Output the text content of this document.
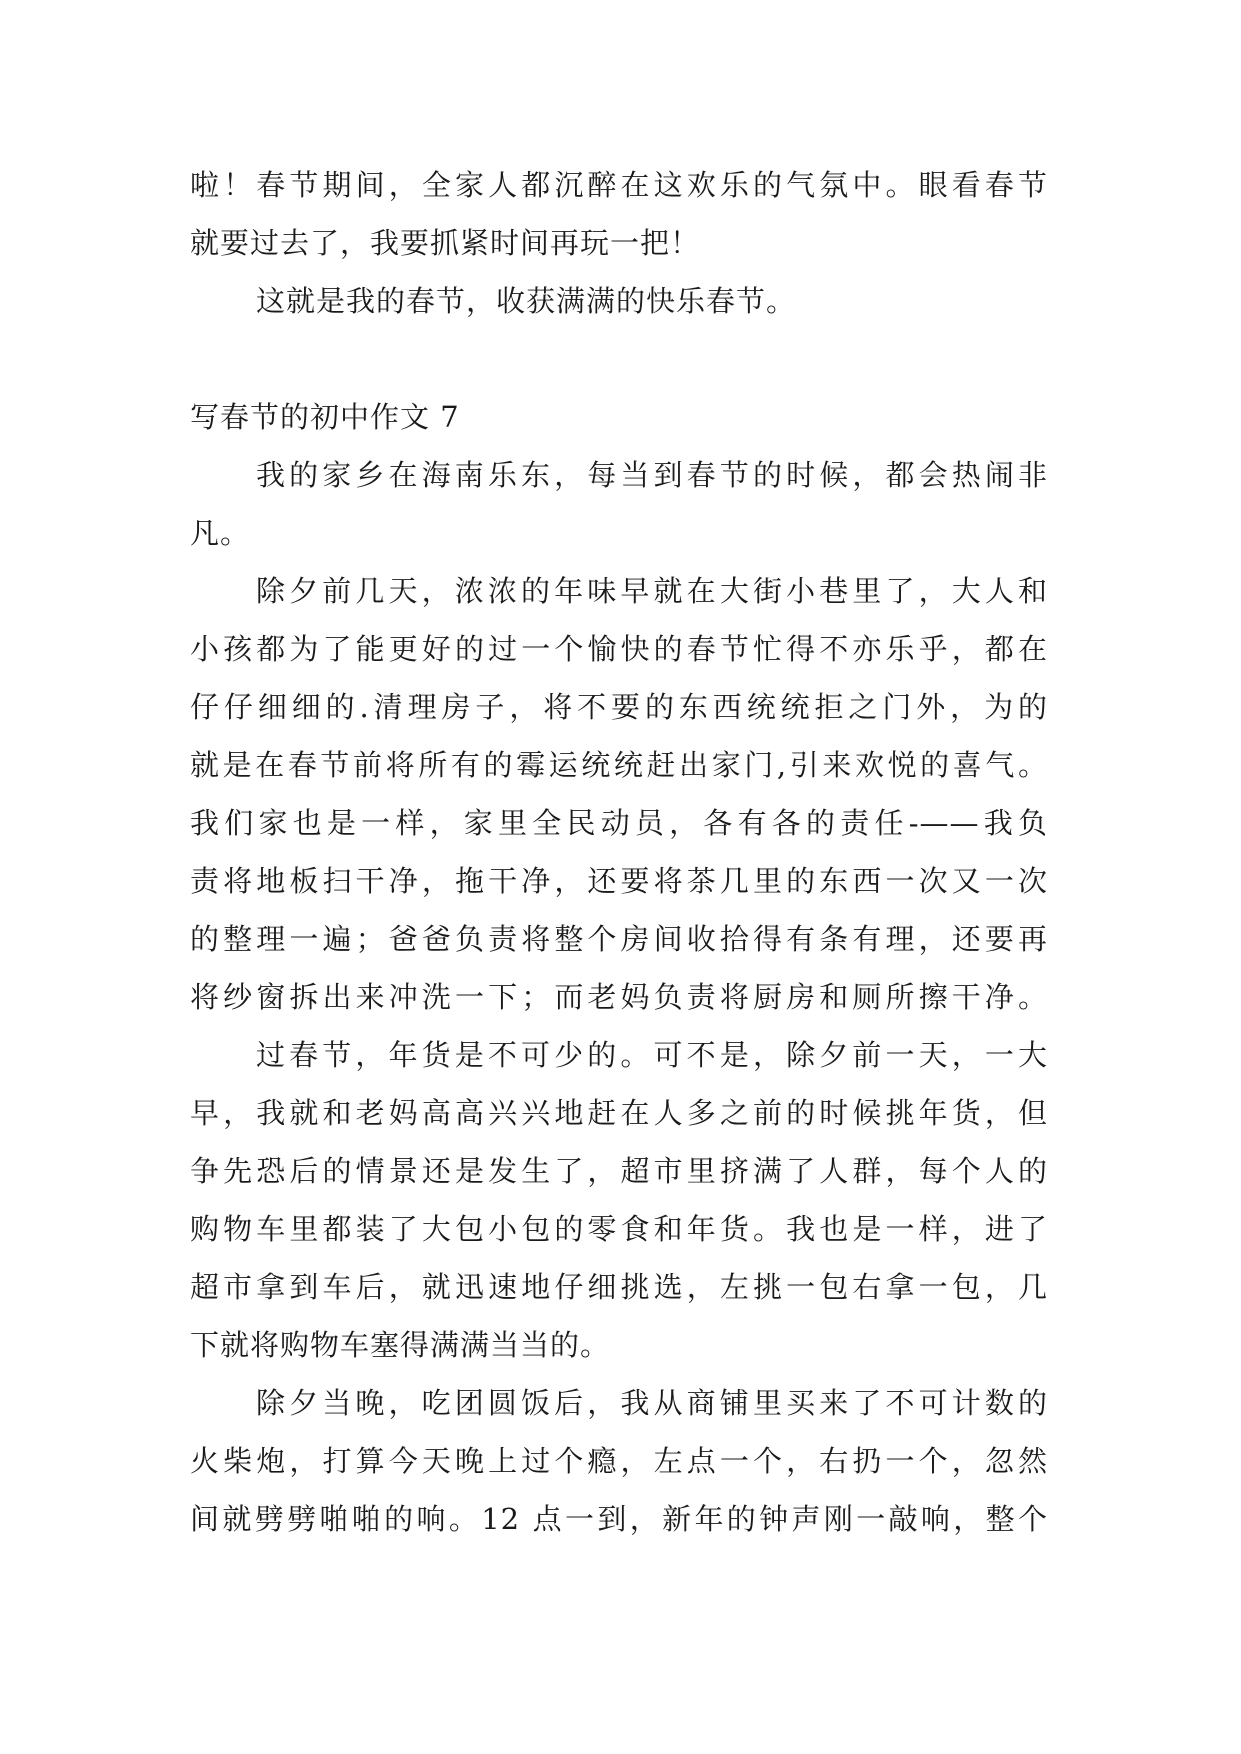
啦！春节期间，全家人都沉醉在这欢乐的气氛中。眼看春节
就要过去了，我要抓紧时间再玩一把！
这就是我的春节，收获满满的快乐春节。
写春节的初中作文 7
我的家乡在海南乐东，每当到春节的时候，都会热闹非
凡。
除夕前几天，浓浓的年味早就在大街小巷里了，大人和
小孩都为了能更好的过一个愉快的春节忙得不亦乐乎，都在
仔仔细细的.清理房子，将不要的东西统统拒之门外，为的
就是在春节前将所有的霉运统统赶出家门,引来欢悦的喜气。
我们家也是一样，家里全民动员，各有各的责任-——我负
责将地板扫干净，拖干净，还要将茶几里的东西一次又一次
的整理一遍；爸爸负责将整个房间收拾得有条有理，还要再
将纱窗拆出来冲洗一下；而老妈负责将厨房和厕所擦干净。
过春节，年货是不可少的。可不是，除夕前一天，一大
早，我就和老妈高高兴兴地赶在人多之前的时候挑年货，但
争先恐后的情景还是发生了，超市里挤满了人群，每个人的
购物车里都装了大包小包的零食和年货。我也是一样，进了
超市拿到车后，就迅速地仔细挑选，左挑一包右拿一包，几
下就将购物车塞得满满当当的。
除夕当晚，吃团圆饭后，我从商铺里买来了不可计数的
火柴炮，打算今天晚上过个瘾，左点一个，右扔一个，忽然
间就劈劈啪啪的响。12 点一到，新年的钟声刚一敲响，整个
